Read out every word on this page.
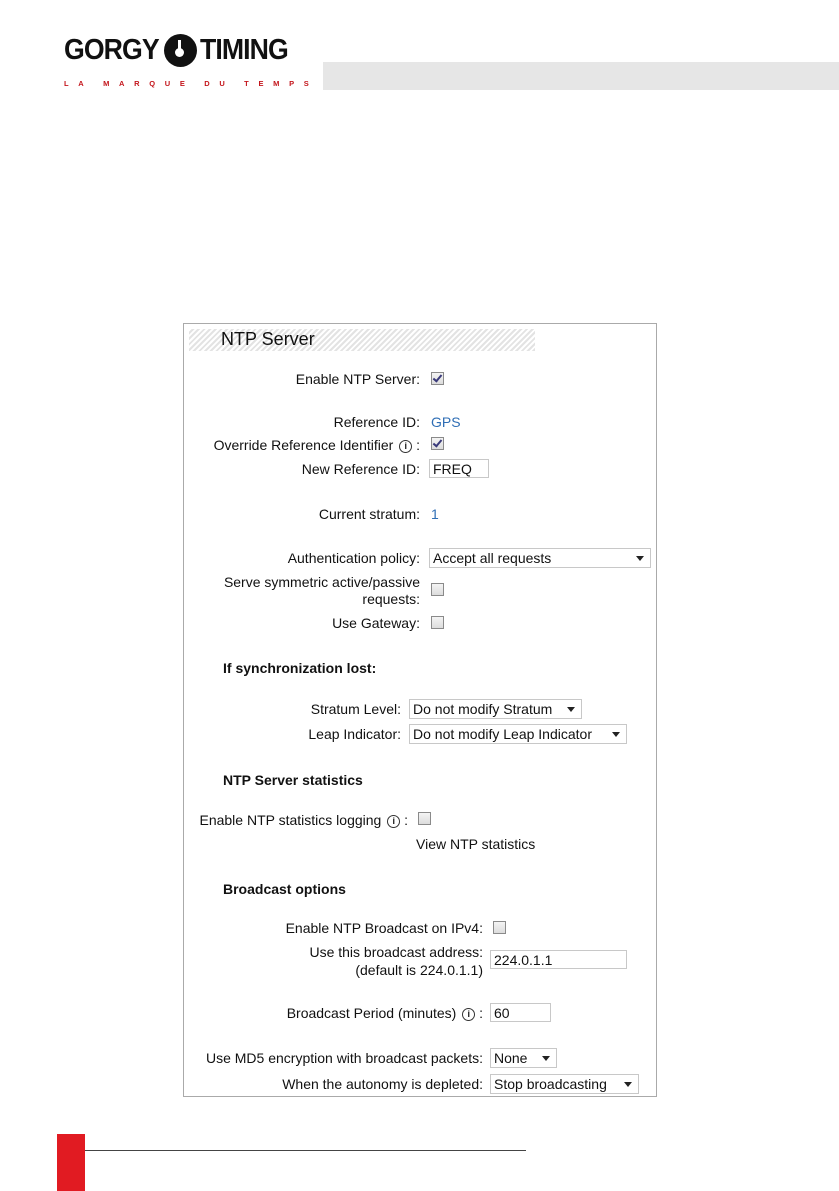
GORGY TIMING
L A	M A R Q U E	D U	T E M P S
NTP Server
Enable NTP Server:
Reference ID: GPS
Override Reference Identifier i :
New Reference ID: FREQ
Current stratum: 1
Authentication policy: Accept all requests
Serve symmetric active/passive
requests:
Use Gateway:
If synchronization lost:
Stratum Level: Do not modify Stratum
Leap Indicator: Do not modify Leap Indicator
NTP Server statistics
Enable NTP statistics logging i :
View NTP statistics
Broadcast options
Enable NTP Broadcast on IPv4:
Use this broadcast address:
(default is 224.0.1.1)
224.0.1.1
Broadcast Period (minutes) i : 60
Use MD5 encryption with broadcast packets: None
When the autonomy is depleted: Stop broadcasting
